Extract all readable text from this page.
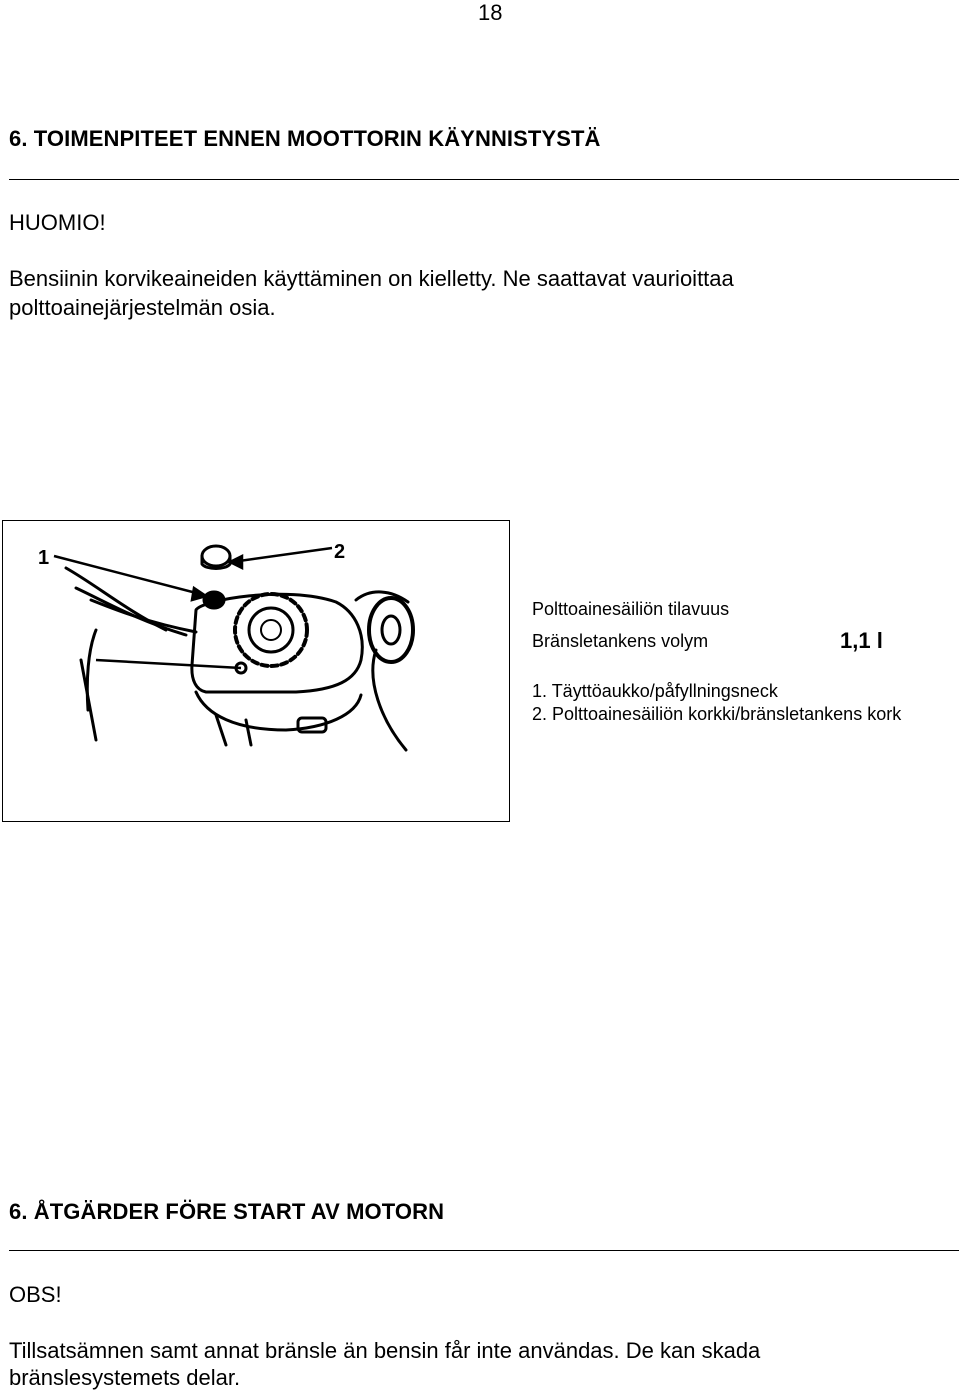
18
6. TOIMENPITEET ENNEN MOOTTORIN KÄYNNISTYSTÄ
HUOMIO!
Bensiinin korvikeaineiden käyttäminen on kielletty. Ne saattavat vaurioittaa
polttoainejärjestelmän osia.
1	2
Polttoainesäiliön tilavuus
Bränsletankens volym	1,1 l
1. Täyttöaukko/påfyllningsneck
2. Polttoainesäiliön korkki/bränsletankens kork
6. ÅTGÄRDER FÖRE START AV MOTORN
OBS!
Tillsatsämnen samt annat bränsle än bensin får inte användas. De kan skada
bränslesystemets delar.
